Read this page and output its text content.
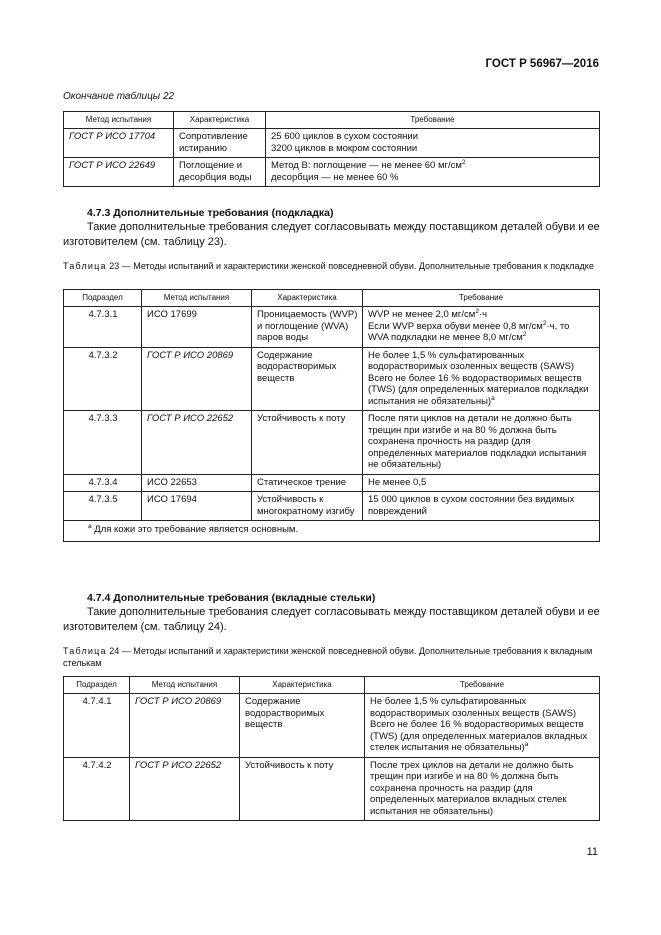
ГОСТ Р 56967—2016
Окончание таблицы 22
Метод испытания	Характеристика	Требование
ГОСТ Р ИСО 17704	Сопротивление истиранию	25 600 циклов в сухом состоянии
3200 циклов в мокром состоянии

ГОСТ Р ИСО 22649	Поглощение и десорбция воды	Метод В: поглощение — не менее 60 $мг/см^2$
десорбция — не менее 60 %
4.7.3 Дополнительные требования (подкладка)
Такие дополнительные требования следует согласовывать между поставщиком деталей обуви и ее изготовителем (см. таблицу 23).
Таблица 23 — Методы испытаний и характеристики женской повседневной обуви. Дополнительные требования к подкладке
Подраздел	Метод испытания	Характеристика	Требование
4.7.3.1	ИСО 17699	Проницаемость (WVP) и поглощение (WVA) паров воды	WVP не менее 2,0 $мг/см^2\cdot ч$
Если WVP верха обуви менее 0,8 $мг/см^2\cdot ч$, то
WVA подкладки не менее 8,0 $мг/см^2$

4.7.3.2	ГОСТ Р ИСО 20869	Содержание водорастворимых веществ	Не более 1,5 % сульфатированных водорастворимых озоленных веществ (SAWS) Всего не более 16 % водорастворимых веществ (TWS) (для определенных материалов подкладки испытания не обязательны)$^а$
4.7.3.3	ГОСТ Р ИСО 22652	Устойчивость к поту	После пяти циклов на детали не должно быть трещин при изгибе и на 80 % должна быть сохранена прочность на раздир (для определенных материалов подкладки испытания не обязательны)
4.7.3.4	ИСО 22653	Статическое трение	Не менее 0,5
4.7.3.5	ИСО 17694	Устойчивость к многократному изгибу	15 000 циклов в сухом состоянии без видимых повреждений
$^а$ Для кожи это требование является основным.			
4.7.4 Дополнительные требования (вкладные стельки)
Такие дополнительные требования следует согласовывать между поставщиком деталей обуви и ее изготовителем (см. таблицу 24).
Таблица 24 — Методы испытаний и характеристики женской повседневной обуви. Дополнительные требования к вкладным стелькам
Подраздел	Метод испытания	Характеристика	Требование
4.7.4.1	ГОСТ Р ИСО 20869	Содержание водорастворимых веществ	Не более 1,5 % сульфатированных водорастворимых озоленных веществ (SAWS) Всего не более 16 % водорастворимых веществ (TWS) (для определенных материалов вкладных стелек испытания не обязательны)$^а$
4.7.4.2	ГОСТ Р ИСО 22652	Устойчивость к поту	После трех циклов на детали не должно быть трещин при изгибе и на 80 % должна быть сохранена прочность на раздир (для определенных материалов вкладных стелек испытания не обязательны)
11
